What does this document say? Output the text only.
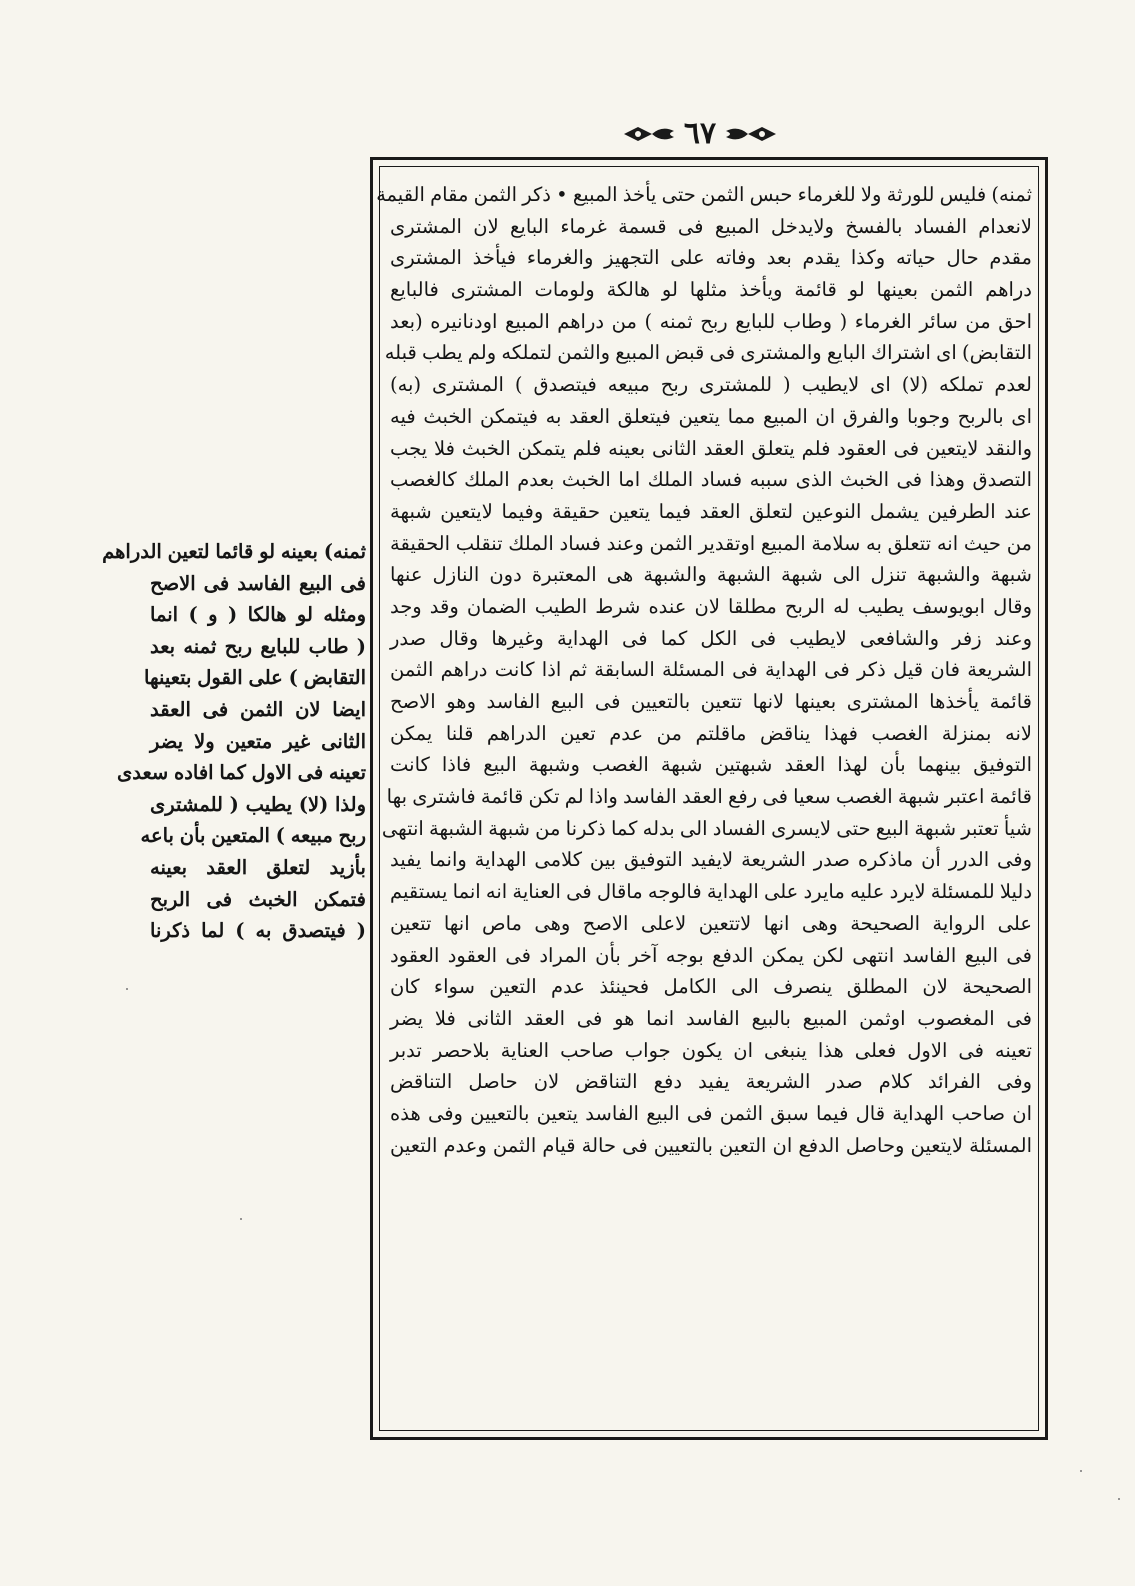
٦٧
ثمنه) فليس للورثة ولا للغرماء حبس الثمن حتى يأخذ المبيع • ذكر الثمن مقام القيمة
لانعدام الفساد بالفسخ ولايدخل المبيع فى قسمة غرماء البايع لان المشترى
مقدم حال حياته وكذا يقدم بعد وفاته على التجهيز والغرماء فيأخذ المشترى
دراهم الثمن بعينها لو قائمة ويأخذ مثلها لو هالكة ولومات المشترى فالبايع
احق من سائر الغرماء ( وطاب للبايع ربح ثمنه ) من دراهم المبيع اودنانيره (بعد
التقابض) اى اشتراك البايع والمشترى فى قبض المبيع والثمن لتملكه ولم يطب قبله
لعدم تملكه (لا) اى لايطيب ( للمشترى ربح مبيعه فيتصدق ) المشترى (به)
اى بالربح وجوبا والفرق ان المبيع مما يتعين فيتعلق العقد به فيتمكن الخبث فيه
والنقد لايتعين فى العقود فلم يتعلق العقد الثانى بعينه فلم يتمكن الخبث فلا يجب
التصدق وهذا فى الخبث الذى سببه فساد الملك اما الخبث بعدم الملك كالغصب
عند الطرفين يشمل النوعين لتعلق العقد فيما يتعين حقيقة وفيما لايتعين شبهة
من حيث انه تتعلق به سلامة المبيع اوتقدير الثمن وعند فساد الملك تنقلب الحقيقة
شبهة والشبهة تنزل الى شبهة الشبهة والشبهة هى المعتبرة دون النازل عنها
وقال ابويوسف يطيب له الربح مطلقا لان عنده شرط الطيب الضمان وقد وجد
وعند زفر والشافعى لايطيب فى الكل كما فى الهداية وغيرها وقال صدر
الشريعة فان قيل ذكر فى الهداية فى المسئلة السابقة ثم اذا كانت دراهم الثمن
قائمة يأخذها المشترى بعينها لانها تتعين بالتعيين فى البيع الفاسد وهو الاصح
لانه بمنزلة الغصب فهذا يناقض ماقلتم من عدم تعين الدراهم قلنا يمكن
التوفيق بينهما بأن لهذا العقد شبهتين شبهة الغصب وشبهة البيع فاذا كانت
قائمة اعتبر شبهة الغصب سعيا فى رفع العقد الفاسد واذا لم تكن قائمة فاشترى بها
شيأ تعتبر شبهة البيع حتى لايسرى الفساد الى بدله كما ذكرنا من شبهة الشبهة انتهى
وفى الدرر أن ماذكره صدر الشريعة لايفيد التوفيق بين كلامى الهداية وانما يفيد
دليلا للمسئلة لايرد عليه مايرد على الهداية فالوجه ماقال فى العناية انه انما يستقيم
على الرواية الصحيحة وهى انها لاتتعين لاعلى الاصح وهى ماص انها تتعين
فى البيع الفاسد انتهى لكن يمكن الدفع بوجه آخر بأن المراد فى العقود العقود
الصحيحة لان المطلق ينصرف الى الكامل فحينئذ عدم التعين سواء كان
فى المغصوب اوثمن المبيع بالبيع الفاسد انما هو فى العقد الثانى فلا يضر
تعينه فى الاول فعلى هذا ينبغى ان يكون جواب صاحب العناية بلاحصر تدبر
وفى الفرائد كلام صدر الشريعة يفيد دفع التناقض لان حاصل التناقض
ان صاحب الهداية قال فيما سبق الثمن فى البيع الفاسد يتعين بالتعيين وفى هذه
المسئلة لايتعين وحاصل الدفع ان التعين بالتعيين فى حالة قيام الثمن وعدم التعين
ثمنه) بعينه لو قائما لتعين الدراهم
فى البيع الفاسد فى الاصح
ومثله لو هالكا ( و ) انما
( طاب للبايع ربح ثمنه بعد
التقابض ) على القول بتعينها
ايضا لان الثمن فى العقد
الثانى غير متعين ولا يضر
تعينه فى الاول كما افاده سعدى
ولذا (لا) يطيب ( للمشترى
ربح مبيعه ) المتعين بأن باعه
بأزيد لتعلق العقد بعينه
فتمكن الخبث فى الربح
( فيتصدق به ) لما ذكرنا
